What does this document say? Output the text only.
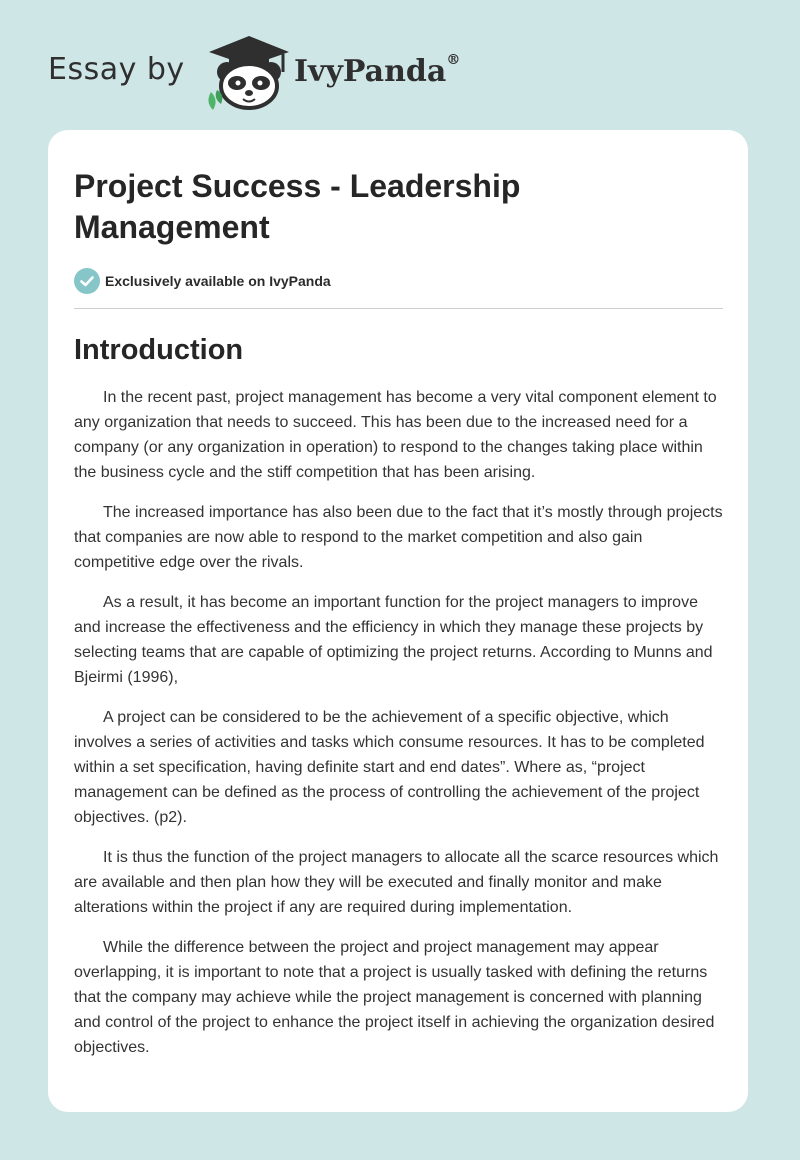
Essay by	IvyPanda®
Project Success - Leadership Management
Exclusively available on IvyPanda
Introduction

In the recent past, project management has become a very vital component element to any organization that needs to succeed. This has been due to the increased need for a company (or any organization in operation) to respond to the changes taking place within the business cycle and the stiff competition that has been arising.

The increased importance has also been due to the fact that it’s mostly through projects that companies are now able to respond to the market competition and also gain competitive edge over the rivals.

As a result, it has become an important function for the project managers to improve and increase the effectiveness and the efficiency in which they manage these projects by selecting teams that are capable of optimizing the project returns. According to Munns and Bjeirmi (1996),

A project can be considered to be the achievement of a specific objective, which involves a series of activities and tasks which consume resources. It has to be completed within a set specification, having definite start and end dates”. Where as, “project management can be defined as the process of controlling the achievement of the project objectives. (p2).

It is thus the function of the project managers to allocate all the scarce resources which are available and then plan how they will be executed and finally monitor and make alterations within the project if any are required during implementation.

While the difference between the project and project management may appear overlapping, it is important to note that a project is usually tasked with defining the returns that the company may achieve while the project management is concerned with planning and control of the project to enhance the project itself in achieving the organization desired objectives.
